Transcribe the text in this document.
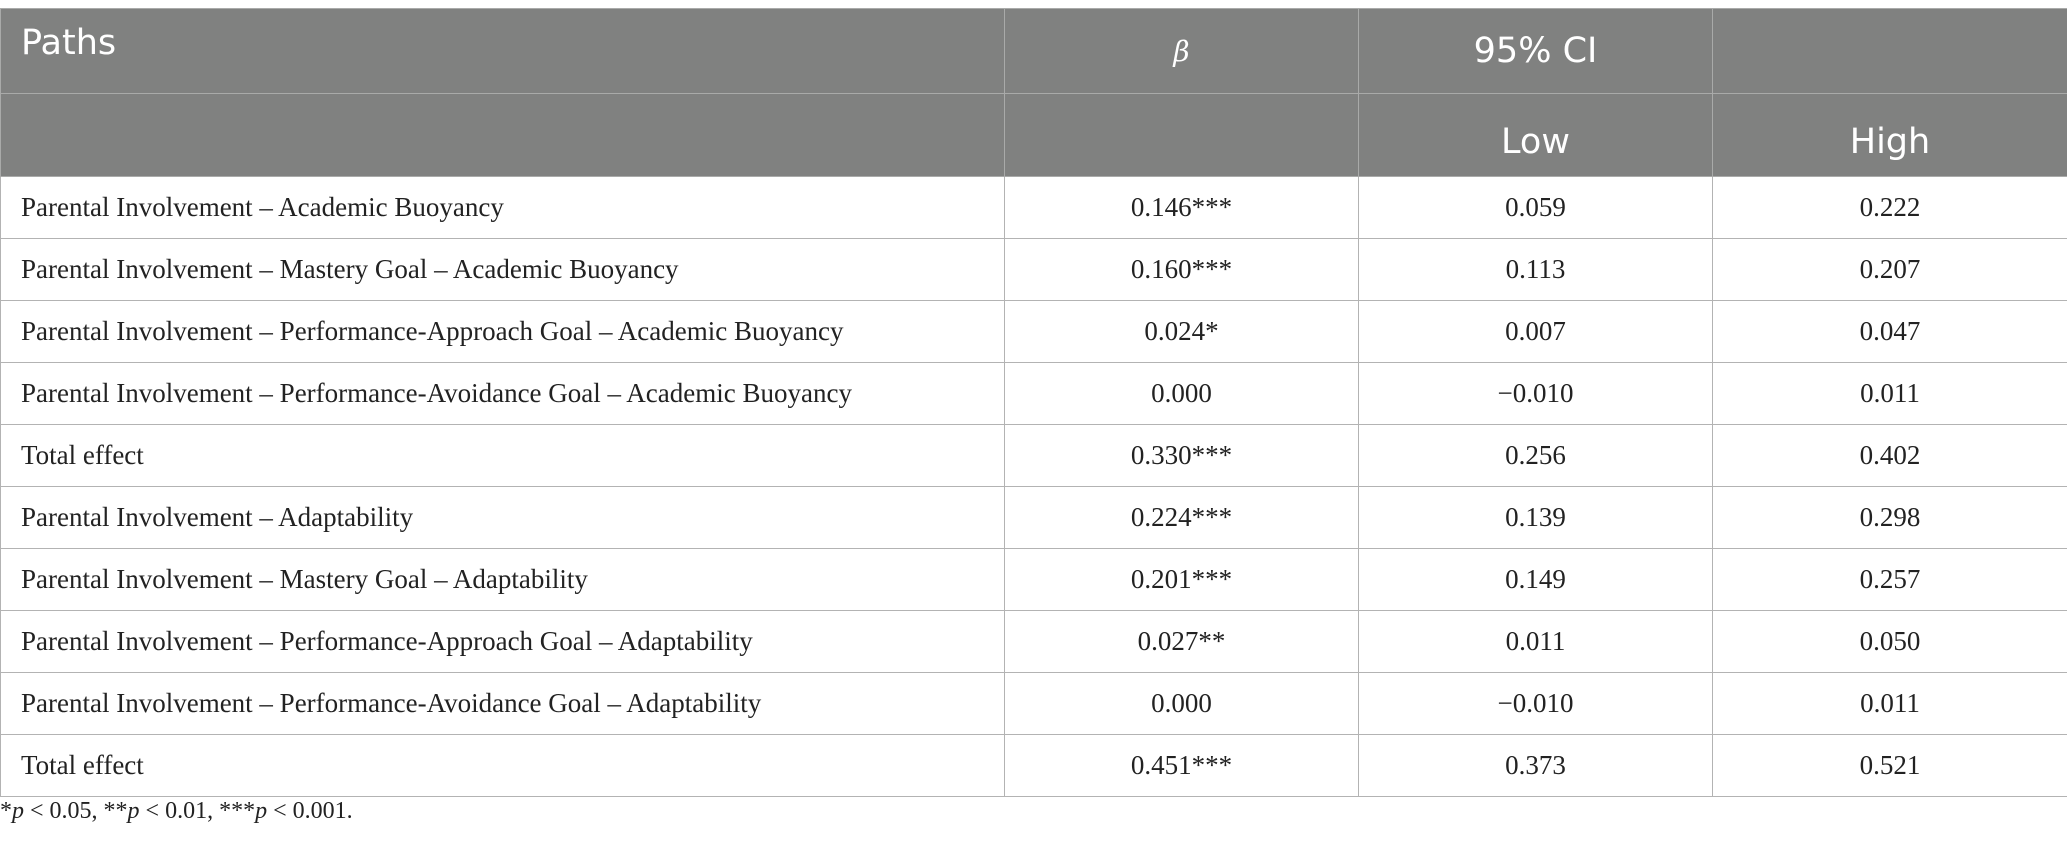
Paths	β	95% CI	
		Low	High
Parental Involvement – Academic Buoyancy	0.146***	0.059	0.222
Parental Involvement – Mastery Goal – Academic Buoyancy	0.160***	0.113	0.207
Parental Involvement – Performance-Approach Goal – Academic Buoyancy	0.024*	0.007	0.047
Parental Involvement – Performance-Avoidance Goal – Academic Buoyancy	0.000	−0.010	0.011
Total effect	0.330***	0.256	0.402
Parental Involvement – Adaptability	0.224***	0.139	0.298
Parental Involvement – Mastery Goal – Adaptability	0.201***	0.149	0.257
Parental Involvement – Performance-Approach Goal – Adaptability	0.027**	0.011	0.050
Parental Involvement – Performance-Avoidance Goal – Adaptability	0.000	−0.010	0.011
Total effect	0.451***	0.373	0.521
*p < 0.05, **p < 0.01, ***p < 0.001.
